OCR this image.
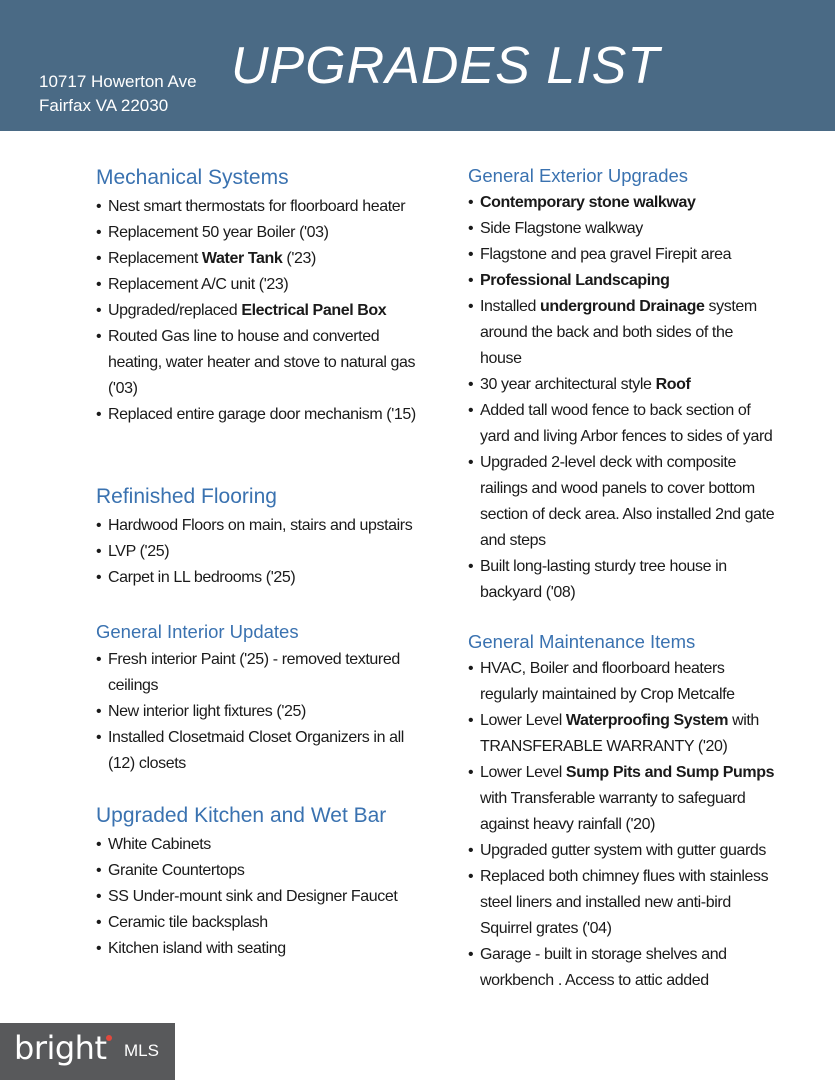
10717 Howerton Ave
Fairfax VA 22030
UPGRADES LIST
Mechanical Systems
• Nest smart thermostats for floorboard heater
• Replacement 50 year Boiler ('03)
• Replacement Water Tank ('23)
• Replacement A/C unit ('23)
• Upgraded/replaced Electrical Panel Box
• Routed Gas line to house and converted heating, water heater and stove to natural gas ('03)
• Replaced entire garage door mechanism ('15)
Refinished Flooring
• Hardwood Floors on main, stairs and upstairs
• LVP ('25)
• Carpet in LL bedrooms ('25)
General Interior Updates
• Fresh interior Paint ('25) - removed textured ceilings
• New interior light fixtures ('25)
• Installed Closetmaid Closet Organizers in all (12) closets
Upgraded Kitchen and Wet Bar
• White Cabinets
• Granite Countertops
• SS Under-mount sink and Designer Faucet
• Ceramic tile backsplash
• Kitchen island with seating
General Exterior Upgrades
• Contemporary stone walkway
• Side Flagstone walkway
• Flagstone and pea gravel Firepit area
• Professional Landscaping
• Installed underground Drainage system around the back and both sides of the house
• 30 year architectural style Roof
• Added tall wood fence to back section of yard and living Arbor fences to sides of yard
• Upgraded 2-level deck with composite railings and wood panels to cover bottom section of deck area. Also installed 2nd gate and steps
• Built long-lasting sturdy tree house in backyard ('08)
General Maintenance Items
• HVAC, Boiler and floorboard heaters regularly maintained by Crop Metcalfe
• Lower Level Waterproofing System with TRANSFERABLE WARRANTY ('20)
• Lower Level Sump Pits and Sump Pumps with Transferable warranty to safeguard against heavy rainfall ('20)
• Upgraded gutter system with gutter guards
• Replaced both chimney flues with stainless steel liners and installed new anti-bird Squirrel grates ('04)
• Garage - built in storage shelves and workbench . Access to attic added
bright MLS
